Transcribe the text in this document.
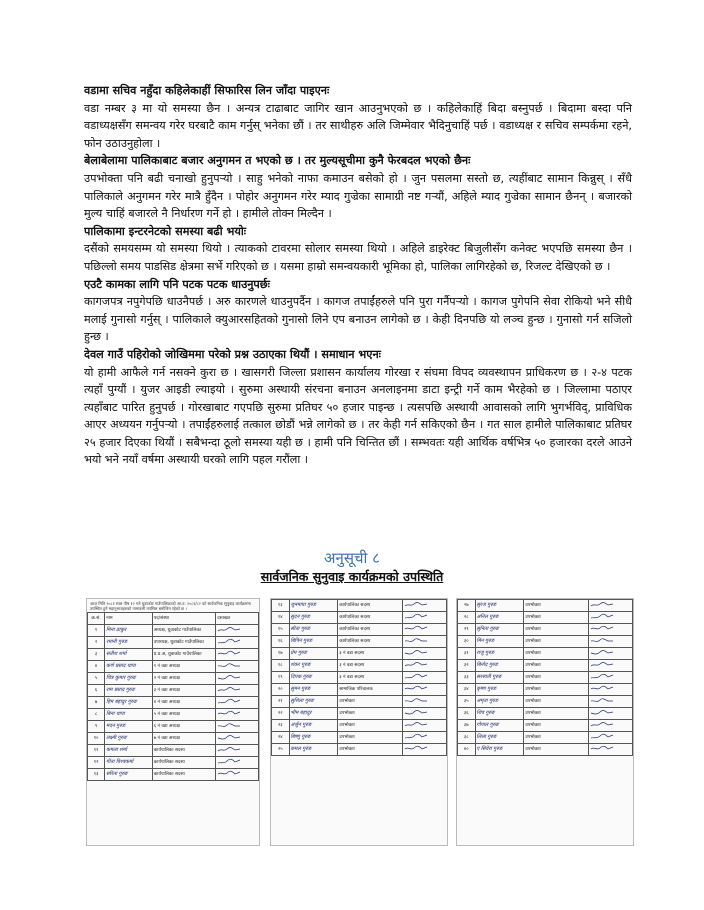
वडामा सचिव नहुँदा कहिलेकाहीं सिफारिस लिन जाँदा पाइएनः

वडा नम्बर ३ मा यो समस्या छैन । अन्यत्र टाढाबाट जागिर खान आउनुभएको छ । कहिलेकाहिं बिदा बस्नुपर्छ । बिदामा बस्दा पनि वडाध्यक्षसँग समन्वय गरेर घरबाटै काम गर्नुस् भनेका छौं । तर साथीहरु अलि जिम्मेवार भैदिनुचाहिं पर्छ । वडाध्यक्ष र सचिव सम्पर्कमा रहने, फोन उठाउनुहोला ।

बेलाबेलामा पालिकाबाट बजार अनुगमन त भएको छ । तर मुल्यसूचीमा कुनै फेरबदल भएको छैनः

उपभोक्ता पनि बढी चनाखो हुनुपर्‍यो । साहु भनेको नाफा कमाउन बसेको हो । जुन पसलमा सस्तो छ, त्यहींबाट सामान किन्नुस् । सँधै पालिकाले अनुगमन गरेर मात्रै हुँदैन । पोहोर अनुगमन गरेर म्याद गुज्रेका सामाग्री नष्ट गर्‍यौं, अहिले म्याद गुज्रेका सामान छैनन् । बजारको मुल्य चाहिं बजारले नै निर्धारण गर्ने हो । हामीले तोक्न मिल्दैन ।

पालिकामा इन्टरनेटको समस्या बढी भयोः

दसैंको समयसम्म यो समस्या थियो । त्याकको टावरमा सोलार समस्या थियो । अहिले डाइरेक्ट बिजुलीसँग कनेक्ट भएपछि समस्या छैन । पछिल्लो समय पाडसिड क्षेत्रमा सर्भे गरिएको छ । यसमा हाम्रो समन्वयकारी भूमिका हो, पालिका लागिरहेको छ, रिजल्ट देखिएको छ ।

एउटै कामका लागि पनि पटक पटक धाउनुपर्छः

कागजपत्र नपुगेपछि धाउनैपर्छ । अरु कारणले धाउनुपर्दैन । कागज तपाईंहरुले पनि पुरा गर्नैपर्‍यो । कागज पुगेपनि सेवा रोकियो भने सीधै मलाई गुनासो गर्नुस् । पालिकाले क्युआरसहितको गुनासो लिने एप बनाउन लागेको छ । केही दिनपछि यो लञ्च हुन्छ । गुनासो गर्न सजिलो हुन्छ ।

देवल गाउँ पहिरोको जोखिममा परेको प्रश्न उठाएका थियौं । समाधान भएनः

यो हामी आफैले गर्न नसक्ने कुरा छ । खासगरी जिल्ला प्रशासन कार्यालय गोरखा र संघमा विपद व्यवस्थापन प्राधिकरण छ । २-४ पटक त्यहाँ पुग्यौं । युजर आइडी ल्याइयो । सुरुमा अस्थायी संरचना बनाउन अनलाइनमा डाटा इन्ट्री गर्ने काम भैरहेको छ । जिल्लामा पठाएर त्यहाँबाट पारित हुनुपर्छ । गोरखाबाट गएपछि सुरुमा प्रतिघर ५० हजार पाइन्छ । त्यसपछि अस्थायी आवासको लागि भुगर्भविद्, प्राविधिक आएर अध्ययन गर्नुपर्‍यो । तपाईंहरुलाई तत्काल छोडौं भन्ने लागेको छ । तर केही गर्न सकिएको छैन । गत साल हामीले पालिकाबाट प्रतिघर २५ हजार दिएका थियौं । सबैभन्दा ठूलो समस्या यही छ । हामी पनि चिन्तित छौं । सम्भवतः यही आर्थिक वर्षभित्र ५० हजारका दरले आउने भयो भने नयाँ वर्षमा अस्थायी घरको लागि पहल गरौंला ।

अनुसूची ८
सार्वजनिक सुनुवाइ कार्यक्रमको उपस्थिति
आज मिति २०८१ साल पौष १२ गते धुवाकोट गाउँपालिकाको आ.व. २०८१/८२ को सार्वजनिक सुनुवाइ कार्यक्रममा उपस्थित हुने महानुभावहरुको नामावली तपसिल बमोजिम रहेको छ ।
क्र.सं.	नाम	पद/संस्था	दस्तखत
१	मिना ठाकुर	अध्यक्ष, धुवाकोट गाउँपालिका	
२	रमानी गुरुङ	उपाध्यक्ष, धुवाकोट गाउँपालिका	
३	सतीश शर्मा	प्र.प्र.अ, धुवाकोट गाउँपालिका	
४	कर्ण प्रसाद थापा	१ नं वडा अध्यक्ष	
५	चित्र कुमार गुरुङ	२ नं वडा अध्यक्ष	
६	राम प्रसाद गुरुङ	३ नं वडा अध्यक्ष	
७	हिम बहादुर गुरुङ	४ नं वडा अध्यक्ष	
८	बिना थापा	५ नं वडा अध्यक्ष	
९	मदन गुरुङ	६ नं वडा अध्यक्ष	
१०	लक्ष्मी गुरुङ	७ नं वडा अध्यक्ष	
११	कमला शर्मा	कार्यपालिका सदस्य	
१२	गीता विश्वकर्मा	कार्यपालिका सदस्य	
१३	सरिता गुरुङ	कार्यपालिका सदस्य	
१३	जुनमाया गुरुङ	कार्यपालिका सदस्य	
१४	सुदन गुरुङ	कार्यपालिका सदस्य	
१५	सीता गुरुङ	कार्यपालिका सदस्य	
१६	बिपिन गुरुङ	कार्यपालिका सदस्य	
१७	प्रेम गुरुङ	३ नं वडा सदस्य	
१८	शंकर गुरुङ	३ नं वडा सदस्य	
१९	दिपक गुरुङ	३ नं वडा सदस्य	
२०	सुमन गुरुङ	सामाजिक परिचालक	
२१	सुशिला गुरुङ	उपभोक्ता	
२२	भीम बहादुर	उपभोक्ता	
२३	अर्जुन गुरुङ	उपभोक्ता	
२४	बिष्णु गुरुङ	उपभोक्ता	
२५	कमल गुरुङ	उपभोक्ता	
२७	सुरज गुरुङ	उपभोक्ता	
२८	अनिल गुरुङ	उपभोक्ता	
२९	सुनिता गुरुङ	उपभोक्ता	
३०	मिन गुरुङ	उपभोक्ता	
३१	राजु गुरुङ	उपभोक्ता	
३२	बिनोद गुरुङ	उपभोक्ता	
३३	सरस्वती गुरुङ	उपभोक्ता	
३४	कृष्ण गुरुङ	उपभोक्ता	
३५	अमृता गुरुङ	उपभोक्ता	
३६	शिव गुरुङ	उपभोक्ता	
३७	गोपाल गुरुङ	उपभोक्ता	
३८	लिला गुरुङ	उपभोक्ता	
४०	ए सिवेरा गुरुङ	उपभोक्ता	
